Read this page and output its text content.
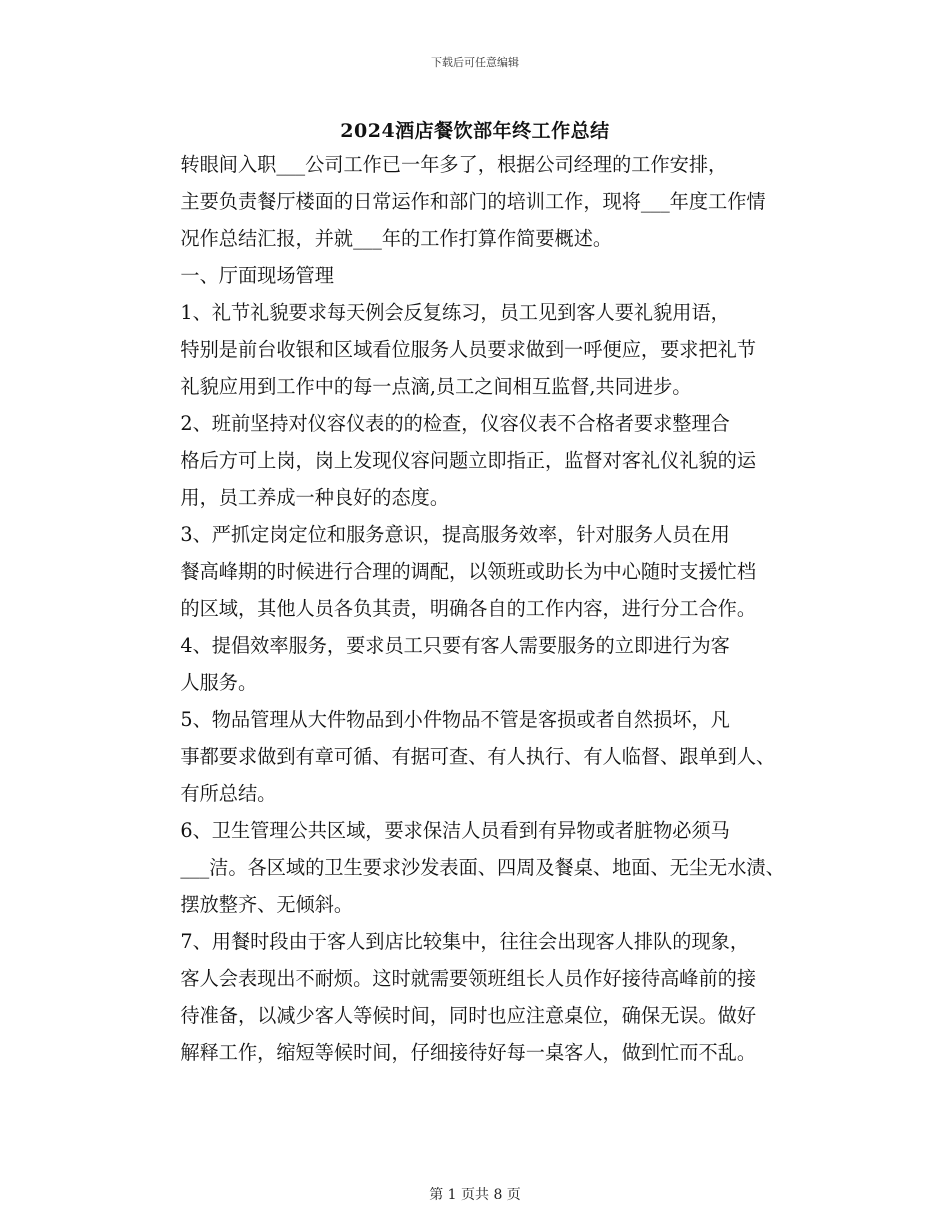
下载后可任意编辑
2024酒店餐饮部年终工作总结
转眼间入职___公司工作已一年多了，根据公司经理的工作安排，
主要负责餐厅楼面的日常运作和部门的培训工作，现将___年度工作情
况作总结汇报，并就___年的工作打算作简要概述。
一、厅面现场管理
1、礼节礼貌要求每天例会反复练习，员工见到客人要礼貌用语，
特别是前台收银和区域看位服务人员要求做到一呼便应，要求把礼节
礼貌应用到工作中的每一点滴,员工之间相互监督,共同进步。
2、班前坚持对仪容仪表的的检查，仪容仪表不合格者要求整理合
格后方可上岗，岗上发现仪容问题立即指正，监督对客礼仪礼貌的运
用，员工养成一种良好的态度。
3、严抓定岗定位和服务意识，提高服务效率，针对服务人员在用
餐高峰期的时候进行合理的调配，以领班或助长为中心随时支援忙档
的区域，其他人员各负其责，明确各自的工作内容，进行分工合作。
4、提倡效率服务，要求员工只要有客人需要服务的立即进行为客
人服务。
5、物品管理从大件物品到小件物品不管是客损或者自然损坏，凡
事都要求做到有章可循、有据可查、有人执行、有人临督、跟单到人、
有所总结。
6、卫生管理公共区域，要求保洁人员看到有异物或者脏物必须马
___洁。各区域的卫生要求沙发表面、四周及餐桌、地面、无尘无水渍、
摆放整齐、无倾斜。
7、用餐时段由于客人到店比较集中，往往会出现客人排队的现象，
客人会表现出不耐烦。这时就需要领班组长人员作好接待高峰前的接
待准备，以减少客人等候时间，同时也应注意桌位，确保无误。做好
解释工作，缩短等候时间，仔细接待好每一桌客人，做到忙而不乱。
第 1 页共 8 页
